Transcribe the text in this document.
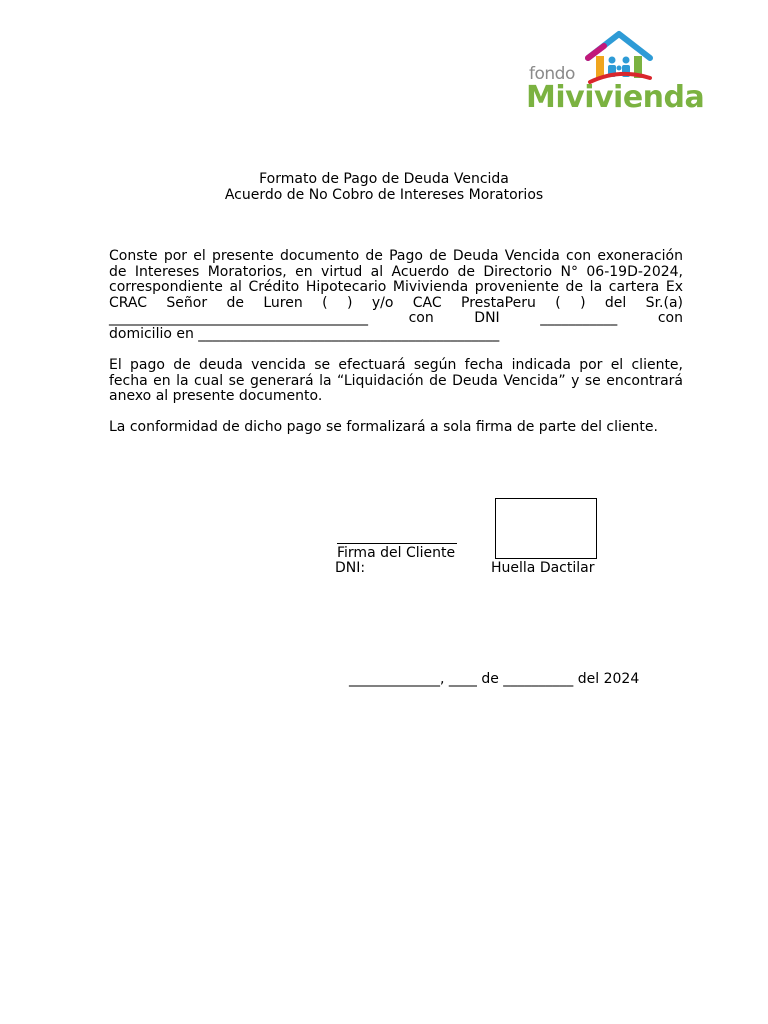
fondo
Mivivienda
Formato de Pago de Deuda Vencida
Acuerdo de No Cobro de Intereses Moratorios
Conste por el presente documento de Pago de Deuda Vencida con exoneración
de Intereses Moratorios, en virtud al Acuerdo de Directorio N° 06-19D-2024,
correspondiente al Crédito Hipotecario Mivivienda proveniente de la cartera Ex
CRAC Señor de Luren ( ) y/o CAC PrestaPeru ( ) del Sr.(a)
_____________________________________ con DNI ___________ con
domicilio en ___________________________________________
El pago de deuda vencida se efectuará según fecha indicada por el cliente,
fecha en la cual se generará la “Liquidación de Deuda Vencida” y se encontrará
anexo al presente documento.
La conformidad de dicho pago se formalizará a sola firma de parte del cliente.
Firma del Cliente
DNI:	Huella Dactilar
_____________, ____ de __________ del 2024
